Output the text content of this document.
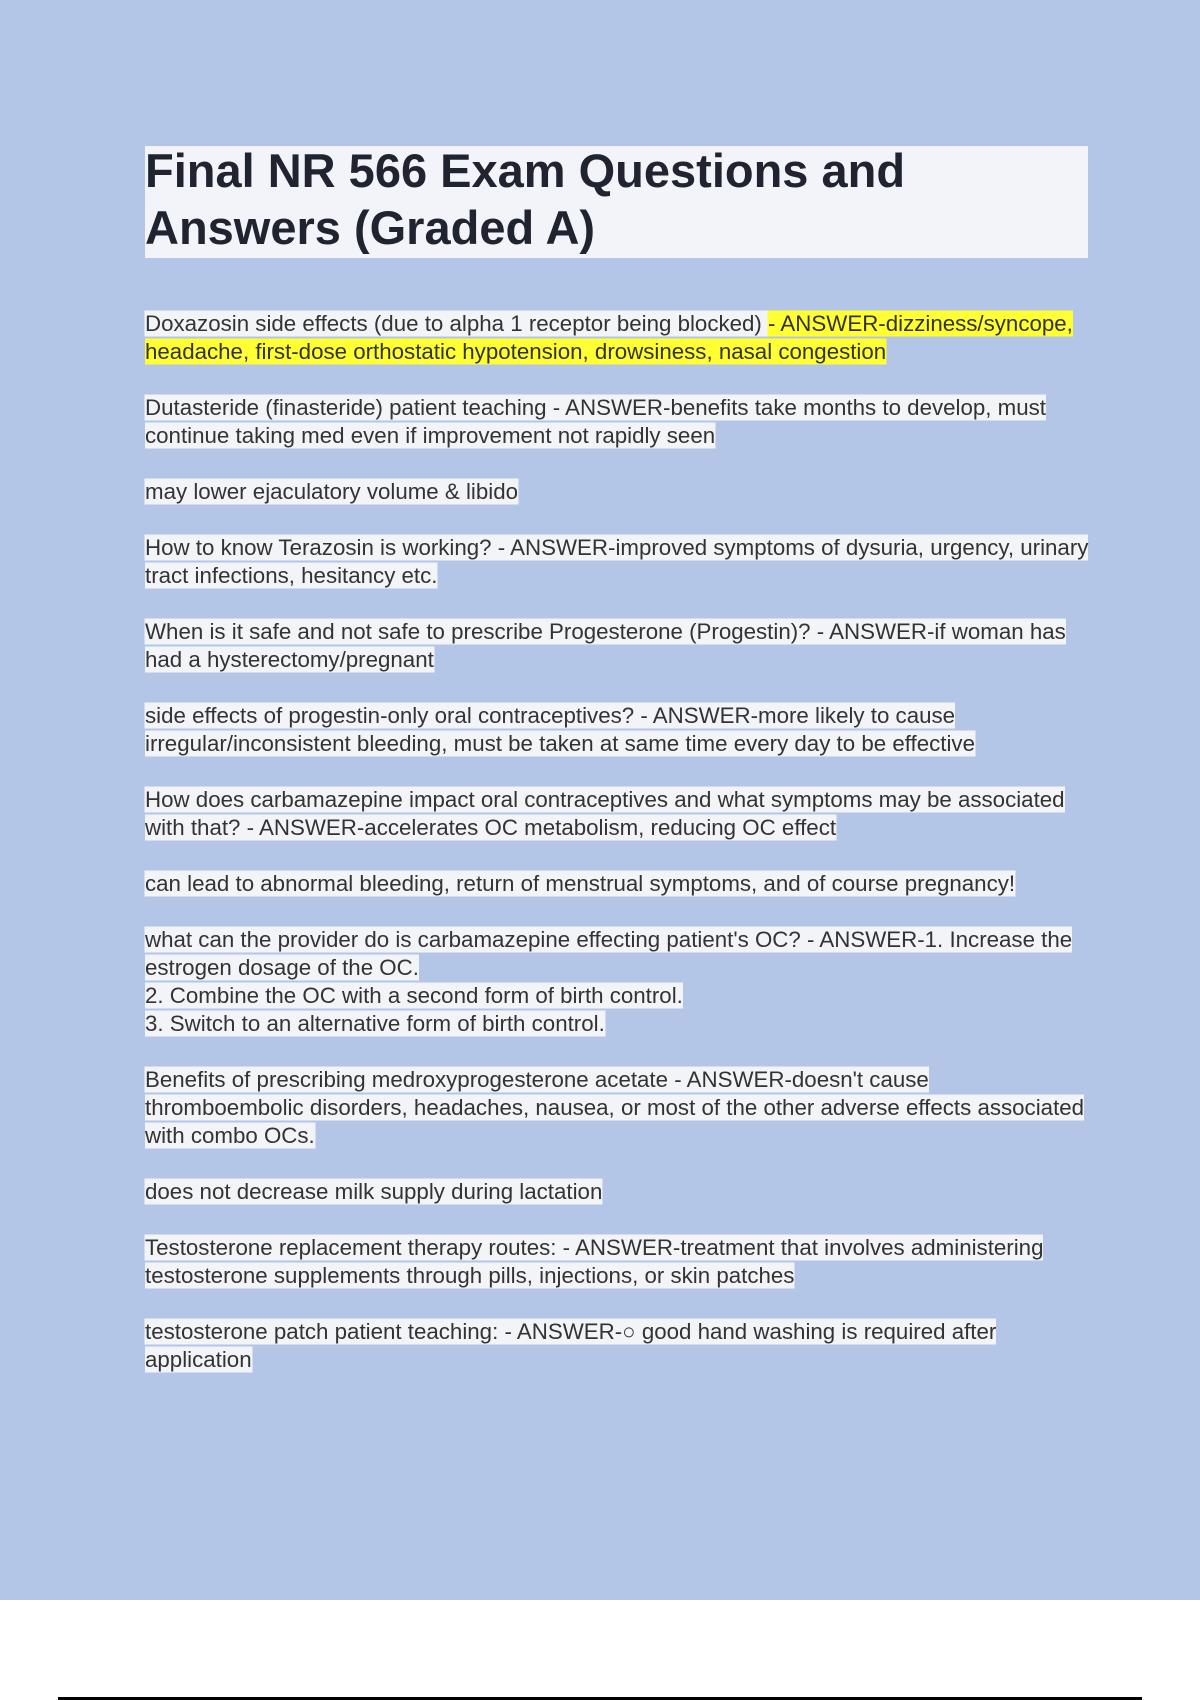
Final NR 566 Exam Questions and Answers (Graded A)

Doxazosin side effects (due to alpha 1 receptor being blocked) - ANSWER-dizziness/syncope, headache, first-dose orthostatic hypotension, drowsiness, nasal congestion

Dutasteride (finasteride) patient teaching - ANSWER-benefits take months to develop, must continue taking med even if improvement not rapidly seen

may lower ejaculatory volume & libido

How to know Terazosin is working? - ANSWER-improved symptoms of dysuria, urgency, urinary tract infections, hesitancy etc.

When is it safe and not safe to prescribe Progesterone (Progestin)? - ANSWER-if woman has had a hysterectomy/pregnant

side effects of progestin-only oral contraceptives? - ANSWER-more likely to cause irregular/inconsistent bleeding, must be taken at same time every day to be effective

How does carbamazepine impact oral contraceptives and what symptoms may be associated with that? - ANSWER-accelerates OC metabolism, reducing OC effect

can lead to abnormal bleeding, return of menstrual symptoms, and of course pregnancy!

what can the provider do is carbamazepine effecting patient's OC? - ANSWER-1. Increase the estrogen dosage of the OC.
2. Combine the OC with a second form of birth control.
3. Switch to an alternative form of birth control.

Benefits of prescribing medroxyprogesterone acetate - ANSWER-doesn't cause thromboembolic disorders, headaches, nausea, or most of the other adverse effects associated with combo OCs.

does not decrease milk supply during lactation

Testosterone replacement therapy routes: - ANSWER-treatment that involves administering testosterone supplements through pills, injections, or skin patches

testosterone patch patient teaching: - ANSWER-○ good hand washing is required after application
